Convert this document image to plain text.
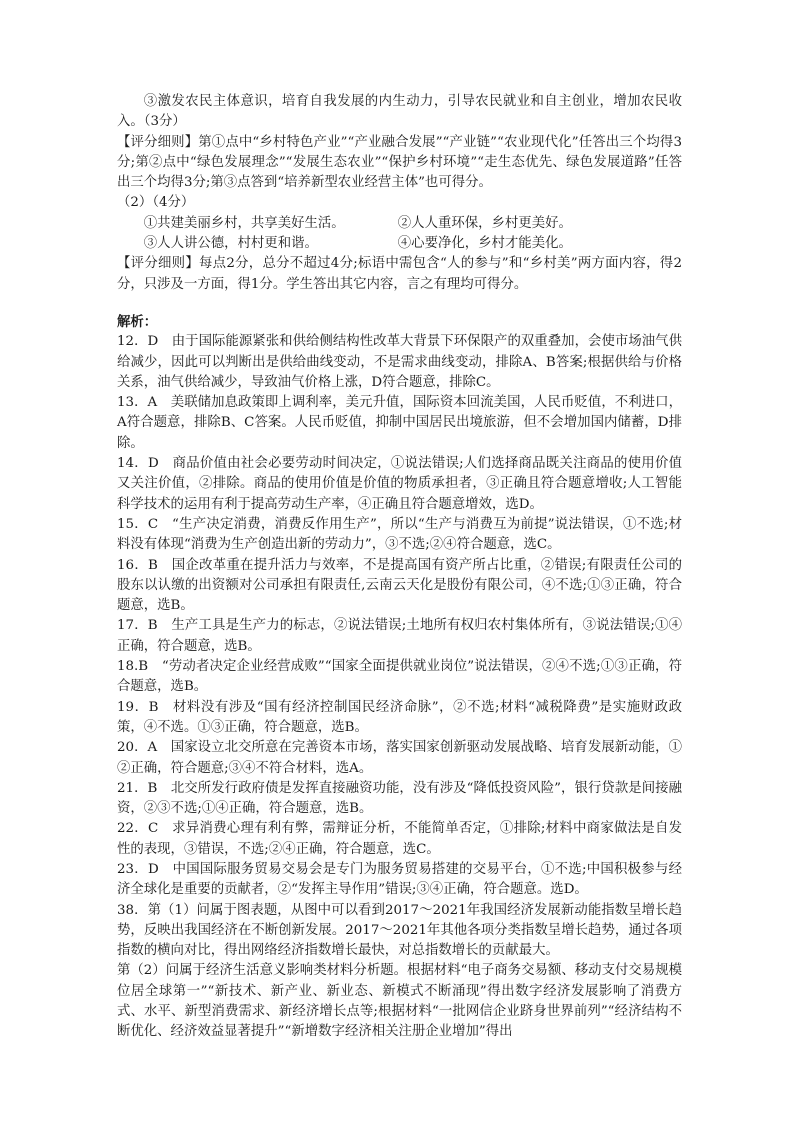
③激发农民主体意识，培育自我发展的内生动力，引导农民就业和自主创业，增加农民收入。（3分）

【评分细则】第①点中“乡村特色产业”“产业融合发展”“产业链”“农业现代化”任答出三个均得3分;第②点中“绿色发展理念”“发展生态农业”“保护乡村环境”“走生态优先、绿色发展道路”任答出三个均得3分;第③点答到“培养新型农业经营主体”也可得分。

（2）（4分）

①共建美丽乡村，共享美好生活。	②人人重环保，乡村更美好。
③人人讲公德，村村更和谐。	④心要净化，乡村才能美化。

【评分细则】每点2分，总分不超过4分;标语中需包含“人的参与”和“乡村美”两方面内容，得2分，只涉及一方面，得1分。学生答出其它内容，言之有理均可得分。

解析：

12．D　由于国际能源紧张和供给侧结构性改革大背景下环保限产的双重叠加，会使市场油气供给减少，因此可以判断出是供给曲线变动，不是需求曲线变动，排除A、B答案;根据供给与价格关系，油气供给减少，导致油气价格上涨，D符合题意，排除C。

13．A　美联储加息政策即上调利率，美元升值，国际资本回流美国，人民币贬值，不利进口，A符合题意，排除B、C答案。人民币贬值，抑制中国居民出境旅游，但不会增加国内储蓄，D排除。

14．D　商品价值由社会必要劳动时间决定，①说法错误;人们选择商品既关注商品的使用价值又关注价值，②排除。商品的使用价值是价值的物质承担者，③正确且符合题意增收;人工智能科学技术的运用有利于提高劳动生产率，④正确且符合题意增效，选D。

15．C　“生产决定消费，消费反作用生产”，所以“生产与消费互为前提”说法错误，①不选;材料没有体现“消费为生产创造出新的劳动力”，③不选;②④符合题意，选C。

16．B　国企改革重在提升活力与效率，不是提高国有资产所占比重，②错误;有限责任公司的股东以认缴的出资额对公司承担有限责任,云南云天化是股份有限公司，④不选;①③正确，符合题意，选B。

17．B　生产工具是生产力的标志，②说法错误;土地所有权归农村集体所有，③说法错误;①④正确，符合题意，选B。

18.B　“劳动者决定企业经营成败”“国家全面提供就业岗位”说法错误，②④不选;①③正确，符合题意，选B。

19．B　材料没有涉及“国有经济控制国民经济命脉”，②不选;材料“减税降费”是实施财政政策，④不选。①③正确，符合题意，选B。

20．A　国家设立北交所意在完善资本市场，落实国家创新驱动发展战略、培育发展新动能，①②正确，符合题意;③④不符合材料，选A。

21．B　北交所发行政府债是发挥直接融资功能，没有涉及“降低投资风险”，银行贷款是间接融资，②③不选;①④正确，符合题意，选B。

22．C　求异消费心理有利有弊，需辩证分析，不能简单否定，①排除;材料中商家做法是自发性的表现，③错误，不选;②④正确，符合题意，选C。

23．D　中国国际服务贸易交易会是专门为服务贸易搭建的交易平台，①不选;中国积极参与经济全球化是重要的贡献者，②“发挥主导作用”错误;③④正确，符合题意。选D。

38．第（1）问属于图表题，从图中可以看到2017～2021年我国经济发展新动能指数呈增长趋势，反映出我国经济在不断创新发展。2017～2021年其他各项分类指数呈增长趋势，通过各项指数的横向对比，得出网络经济指数增长最快，对总指数增长的贡献最大。

第（2）问属于经济生活意义影响类材料分析题。根据材料“电子商务交易额、移动支付交易规模位居全球第一”“新技术、新产业、新业态、新模式不断涌现”得出数字经济发展影响了消费方式、水平、新型消费需求、新经济增长点等;根据材料“一批网信企业跻身世界前列”“经济结构不断优化、经济效益显著提升”“新增数字经济相关注册企业增加”得出
